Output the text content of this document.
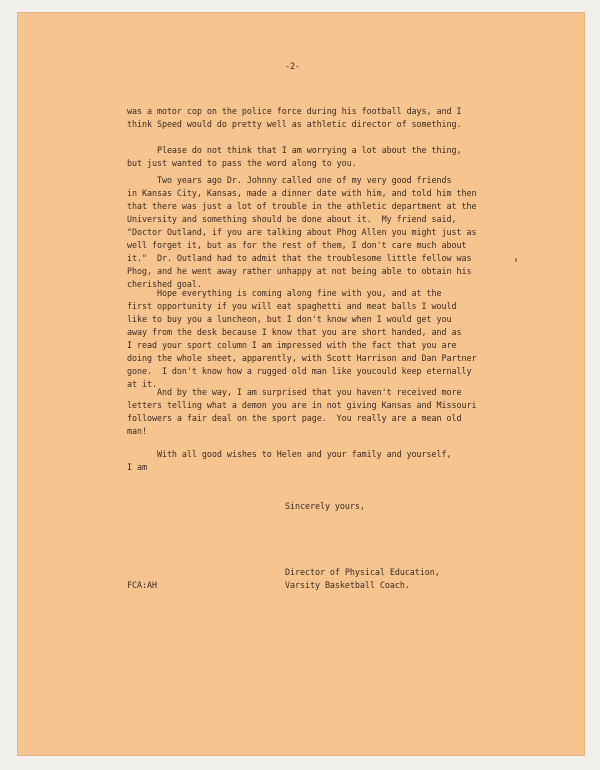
-2-

was a motor cop on the police force during his football days, and I
think Speed would do pretty well as athletic director of something.

Please do not think that I am worrying a lot about the thing,
but just wanted to pass the word along to you.

Two years ago Dr. Johnny called one of my very good friends
in Kansas City, Kansas, made a dinner date with him, and told him then
that there was just a lot of trouble in the athletic department at the
University and something should be done about it.  My friend said,
"Doctor Outland, if you are talking about Phog Allen you might just as
well forget it, but as for the rest of them, I don't care much about
it."  Dr. Outland had to admit that the troublesome little fellow was
Phog, and he went away rather unhappy at not being able to obtain his
cherished goal.

Hope everything is coming along fine with you, and at the
first opportunity if you will eat spaghetti and meat balls I would
like to buy you a luncheon, but I don't know when I would get you
away from the desk because I know that you are short handed, and as
I read your sport column I am impressed with the fact that you are
doing the whole sheet, apparently, with Scott Harrison and Dan Partner
gone.  I don't know how a rugged old man like youcould keep eternally
at it.

And by the way, I am surprised that you haven't received more
letters telling what a demon you are in not giving Kansas and Missouri
followers a fair deal on the sport page.  You really are a mean old
man!

With all good wishes to Helen and your family and yourself,
I am

Sincerely yours,

Director of Physical Education,

Varsity Basketball Coach.

FCA:AH
